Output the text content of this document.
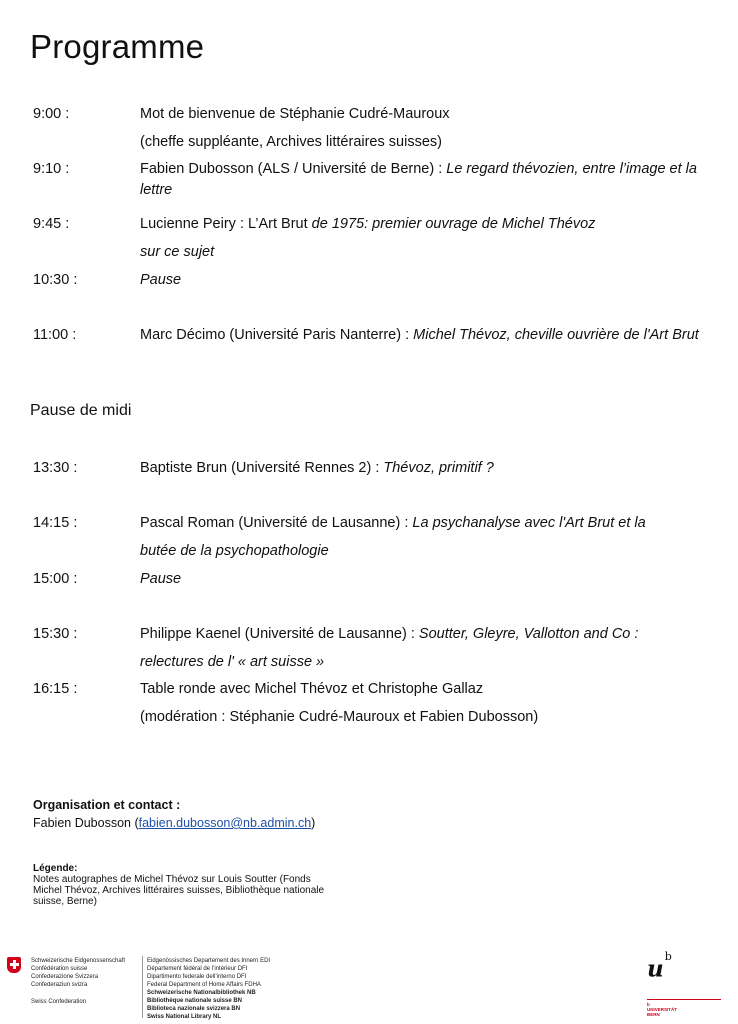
Programme
9:00 :	Mot de bienvenue de Stéphanie Cudré-Mauroux

(cheffe suppléante, Archives littéraires suisses)

9:10 :	Fabien Dubosson (ALS / Université de Berne) : Le regard thévozien, entre l’image et la lettre

9:45 :	Lucienne Peiry : L’Art Brut de 1975: premier ouvrage de Michel Thévoz

sur ce sujet

10:30 :	Pause

11:00 :	Marc Décimo (Université Paris Nanterre) : Michel Thévoz, cheville ouvrière de l'Art Brut

Pause de midi
13:30 :	Baptiste Brun (Université Rennes 2) : Thévoz, primitif ?

14:15 :	Pascal Roman (Université de Lausanne) : La psychanalyse avec l'Art Brut et la

butée de la psychopathologie

15:00 :	Pause

15:30 :	Philippe Kaenel (Université de Lausanne) : Soutter, Gleyre, Vallotton and Co :

relectures de l' « art suisse »

16:15 :	Table ronde avec Michel Thévoz et Christophe Gallaz

(modération : Stéphanie Cudré-Mauroux et Fabien Dubosson)

Organisation et contact :
Fabien Dubosson (fabien.dubosson@nb.admin.ch)
Légende:
Notes autographes de Michel Thévoz sur Louis Soutter (Fonds Michel Thévoz, Archives littéraires suisses, Bibliothèque nationale suisse, Berne)
Schweizerische Eidgenossenschaft
Confédération suisse
Confederazione Svizzera
Confederaziun svizra
Swiss Confederation
Eidgenössisches Departement des Innern EDI
Département fédéral de l’intérieur DFI
Dipartimento federale dell’interno DFI
Federal Department of Home Affairs FDHA
Schweizerische Nationalbibliothek NB
Bibliothèque nationale suisse BN
Biblioteca nazionale svizzera BN
Swiss National Library NL
$u^b$
b
UNIVERSITÄT
BERN
